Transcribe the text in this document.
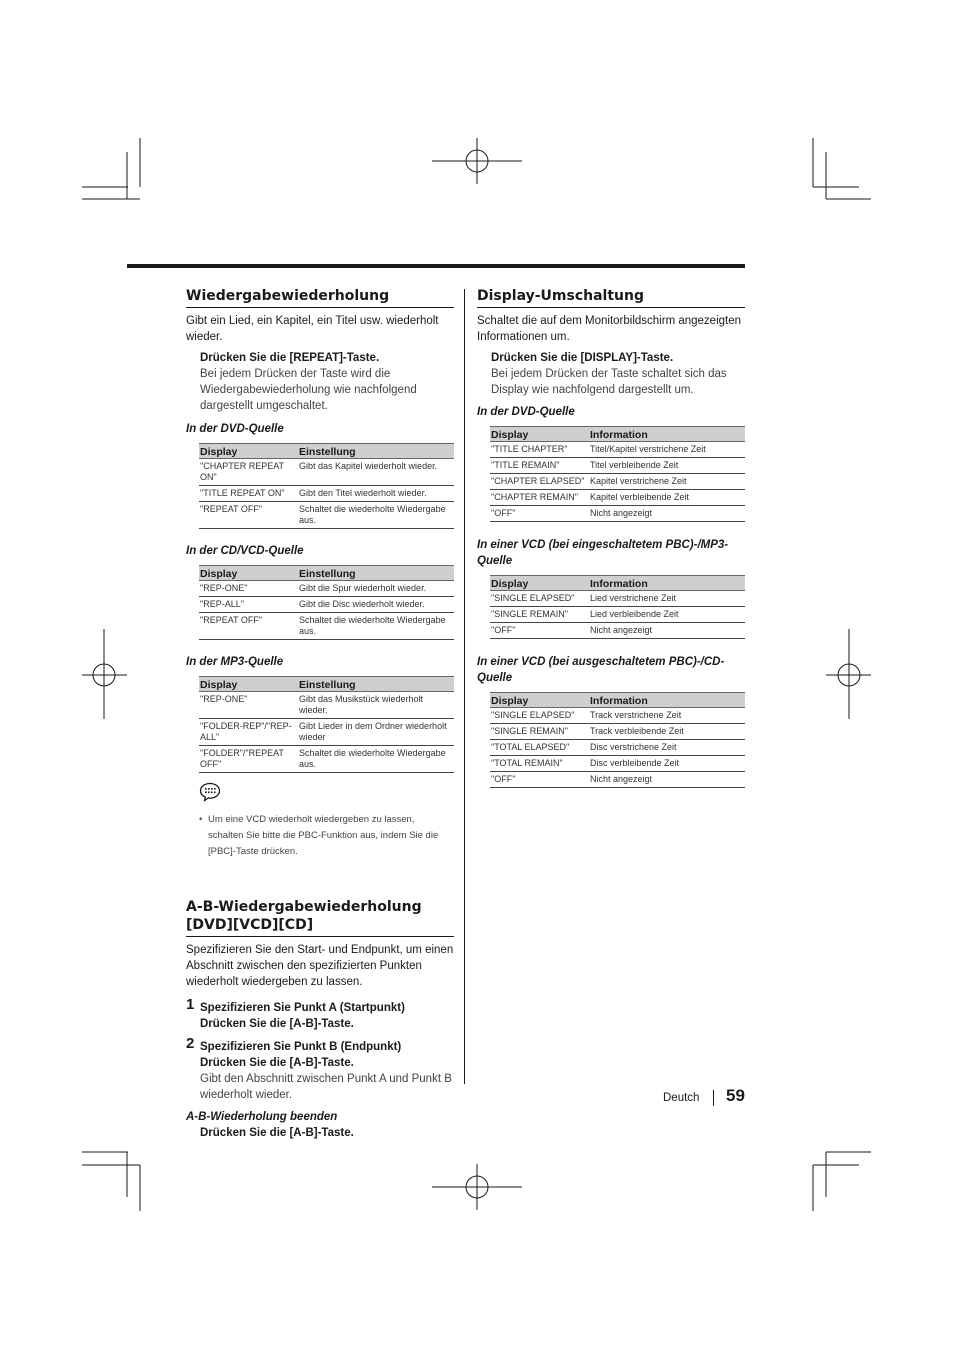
Wiedergabewiederholung

Gibt ein Lied, ein Kapitel, ein Titel usw. wiederholt wieder.

Drücken Sie die [REPEAT]-Taste.
Bei jedem Drücken der Taste wird die Wiedergabewiederholung wie nachfolgend dargestellt umgeschaltet.
In der DVD-Quelle
Display	Einstellung
"CHAPTER REPEAT ON"	Gibt das Kapitel wiederholt wieder.
"TITLE REPEAT ON"	Gibt den Titel wiederholt wieder.
"REPEAT OFF"	Schaltet die wiederholte Wiedergabe aus.
In der CD/VCD-Quelle
Display	Einstellung
"REP-ONE"	Gibt die Spur wiederholt wieder.
"REP-ALL"	Gibt die Disc wiederholt wieder.
"REPEAT OFF"	Schaltet die wiederholte Wiedergabe aus.
In der MP3-Quelle
Display	Einstellung
"REP-ONE"	Gibt das Musikstück wiederholt wieder.
"FOLDER-REP"/"REP-ALL"	Gibt Lieder in dem Ordner wiederholt wieder
"FOLDER"/"REPEAT OFF"	Schaltet die wiederholte Wiedergabe aus.
• Um eine VCD wiederholt wiedergeben zu lassen, schalten Sie bitte die PBC-Funktion aus, indem Sie die [PBC]-Taste drücken.
A-B-Wiedergabewiederholung
[DVD][VCD][CD]

Spezifizieren Sie den Start- und Endpunkt, um einen Abschnitt zwischen den spezifizierten Punkten wiederholt wiedergeben zu lassen.

1 Spezifizieren Sie Punkt A (Startpunkt)
Drücken Sie die [A-B]-Taste.
2 Spezifizieren Sie Punkt B (Endpunkt)
Drücken Sie die [A-B]-Taste.
Gibt den Abschnitt zwischen Punkt A und Punkt B wiederholt wieder.
A-B-Wiederholung beenden
Drücken Sie die [A-B]-Taste.
Display-Umschaltung

Schaltet die auf dem Monitorbildschirm angezeigten Informationen um.

Drücken Sie die [DISPLAY]-Taste.
Bei jedem Drücken der Taste schaltet sich das Display wie nachfolgend dargestellt um.
In der DVD-Quelle
Display	Information
"TITLE CHAPTER"	Titel/Kapitel verstrichene Zeit
"TITLE REMAIN"	Titel verbleibende Zeit
"CHAPTER ELAPSED"	Kapitel verstrichene Zeit
"CHAPTER REMAIN"	Kapitel verbleibende Zeit
"OFF"	Nicht angezeigt
In einer VCD (bei eingeschaltetem PBC)-/MP3-Quelle
Display	Information
"SINGLE ELAPSED"	Lied verstrichene Zeit
"SINGLE REMAIN"	Lied verbleibende Zeit
"OFF"	Nicht angezeigt
In einer VCD (bei ausgeschaltetem PBC)-/CD-Quelle
Display	Information
"SINGLE ELAPSED"	Track verstrichene Zeit
"SINGLE REMAIN"	Track verbleibende Zeit
"TOTAL ELAPSED"	Disc verstrichene Zeit
"TOTAL REMAIN"	Disc verbleibende Zeit
"OFF"	Nicht angezeigt
Deutch 59
